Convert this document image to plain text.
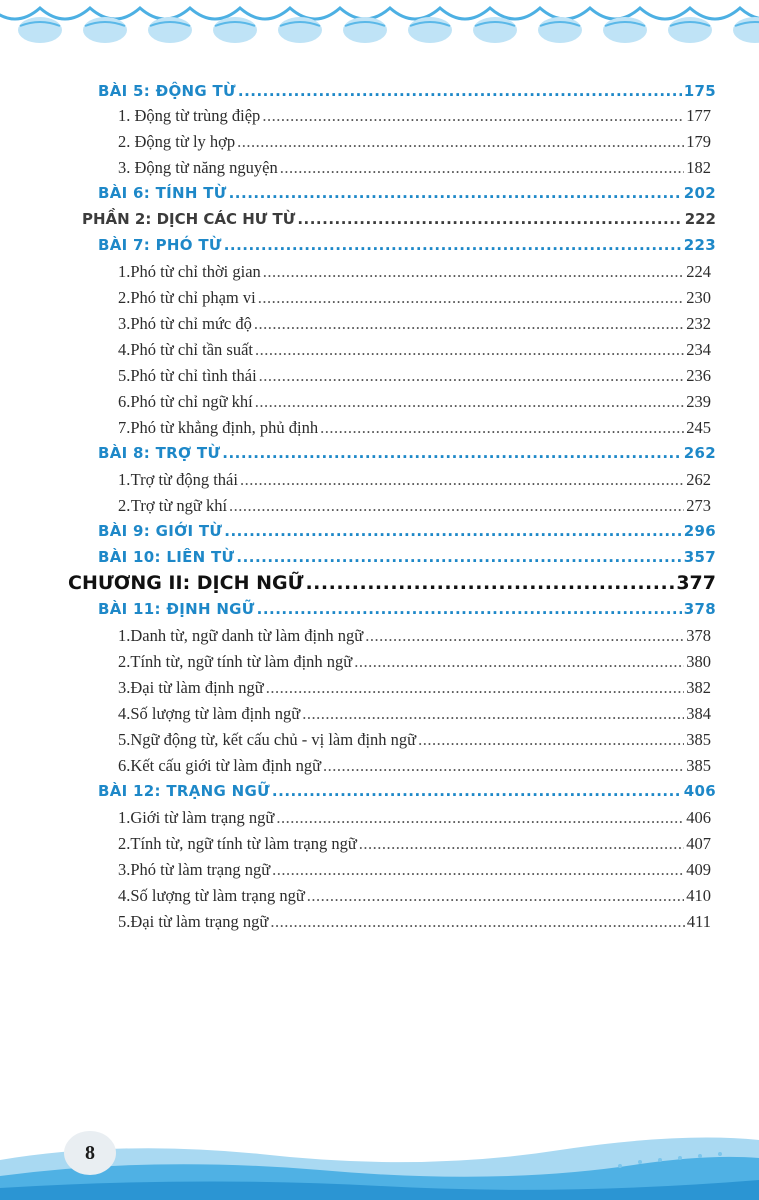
BÀI 5: ĐỘNG TỪ .....	175
1. Động từ trùng điệp .....	177
2. Động từ ly hợp .....	179
3. Động từ năng nguyện .....	182
BÀI 6: TÍNH TỪ .....	202
PHẦN 2: DỊCH CÁC HƯ TỪ .....	222
BÀI 7: PHÓ TỪ .....	223
1. Phó từ chỉ thời gian .....	224
2. Phó từ chỉ phạm vi .....	230
3. Phó từ chỉ mức độ .....	232
4. Phó từ chỉ tần suất .....	234
5. Phó từ chỉ tình thái .....	236
6. Phó từ chỉ ngữ khí .....	239
7. Phó từ khẳng định, phủ định .....	245
BÀI 8: TRỢ TỪ .....	262
1. Trợ từ động thái .....	262
2. Trợ từ ngữ khí .....	273
BÀI 9: GIỚI TỪ .....	296
BÀI 10: LIÊN TỪ .....	357
CHƯƠNG II: DỊCH NGỮ .....	377
BÀI 11: ĐỊNH NGỮ .....	378
1. Danh từ, ngữ danh từ làm định ngữ .....	378
2. Tính từ, ngữ tính từ làm định ngữ .....	380
3. Đại từ làm định ngữ .....	382
4. Số lượng từ làm định ngữ .....	384
5. Ngữ động từ, kết cấu chủ - vị làm định ngữ .....	385
6. Kết cấu giới từ làm định ngữ .....	385
BÀI 12: TRẠNG NGỮ .....	406
1. Giới từ làm trạng ngữ .....	406
2. Tính từ, ngữ tính từ làm trạng ngữ .....	407
3. Phó từ làm trạng ngữ .....	409
4. Số lượng từ làm trạng ngữ .....	410
5. Đại từ làm trạng ngữ .....	411
8
